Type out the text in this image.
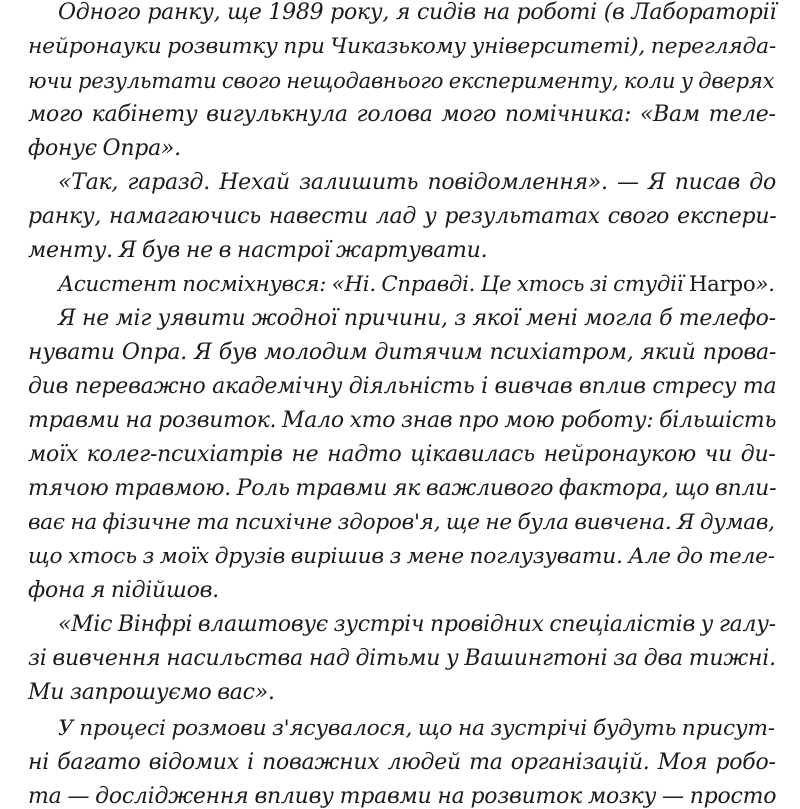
Одного ранку, ще 1989 року, я сидів на роботі (в Лабораторії

нейронауки розвитку при Чиказькому університеті), перегляда-

ючи результати свого нещодавнього експерименту, коли у дверях

мого кабінету вигулькнула голова мого помічника: «Вам теле-

фонує Опра».

«Так, гаразд. Нехай залишить повідомлення». — Я писав до

ранку, намагаючись навести лад у результатах свого експери-

менту. Я був не в настрої жартувати.

Асистент посміхнувся: «Ні. Справді. Це хтось зі студії Harpo».

Я не міг уявити жодної причини, з якої мені могла б телефо-

нувати Опра. Я був молодим дитячим психіатром, який прова-

див переважно академічну діяльність і вивчав вплив стресу та

травми на розвиток. Мало хто знав про мою роботу: більшість

моїх колег-психіатрів не надто цікавилась нейронаукою чи ди-

тячою травмою. Роль травми як важливого фактора, що впли-

ває на фізичне та психічне здоров'я, ще не була вивчена. Я думав,

що хтось з моїх друзів вирішив з мене поглузувати. Але до теле-

фона я підійшов.

«Міс Вінфрі влаштовує зустріч провідних спеціалістів у галу-

зі вивчення насильства над дітьми у Вашингтоні за два тижні.

Ми запрошуємо вас».

У процесі розмови з'ясувалося, що на зустрічі будуть присут-

ні багато відомих і поважних людей та організацій. Моя робо-

та — дослідження впливу травми на розвиток мозку — просто
